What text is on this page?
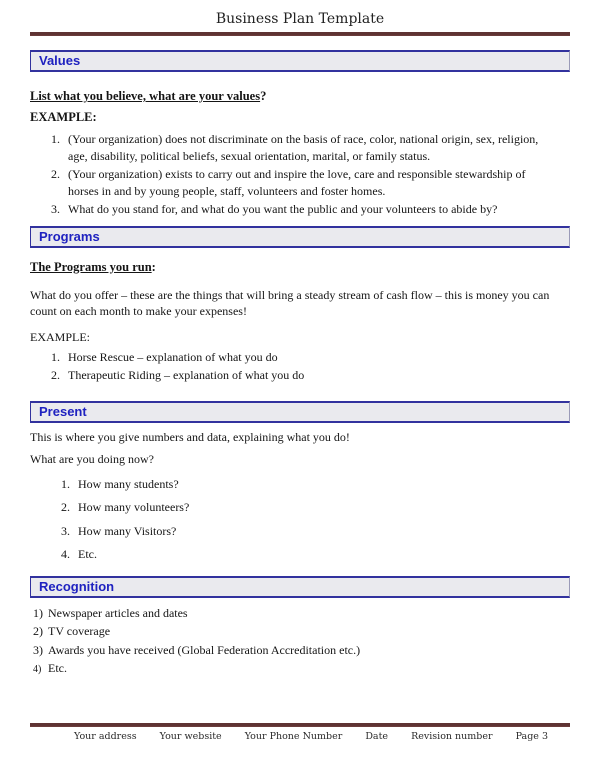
Business Plan Template
Values

List what you believe, what are your values?

EXAMPLE:

(Your organization) does not discriminate on the basis of race, color, national origin, sex, religion, age, disability, political beliefs, sexual orientation, marital, or family status.
(Your organization) exists to carry out and inspire the love, care and responsible stewardship of horses in and by young people, staff, volunteers and foster homes.
What do you stand for, and what do you want the public and your volunteers to abide by?
Programs

The Programs you run:

What do you offer – these are the things that will bring a steady stream of cash flow – this is money you can count on each month to make your expenses!

EXAMPLE:

Horse Rescue – explanation of what you do
Therapeutic Riding – explanation of what you do
Present

This is where you give numbers and data, explaining what you do!

What are you doing now?

How many students?
How many volunteers?
How many Visitors?
Etc.
Recognition
Newspaper articles and dates
TV coverage
Awards you have received (Global Federation Accreditation etc.)
Etc.
Your address Your website Your Phone Number Date Revision number Page 3
